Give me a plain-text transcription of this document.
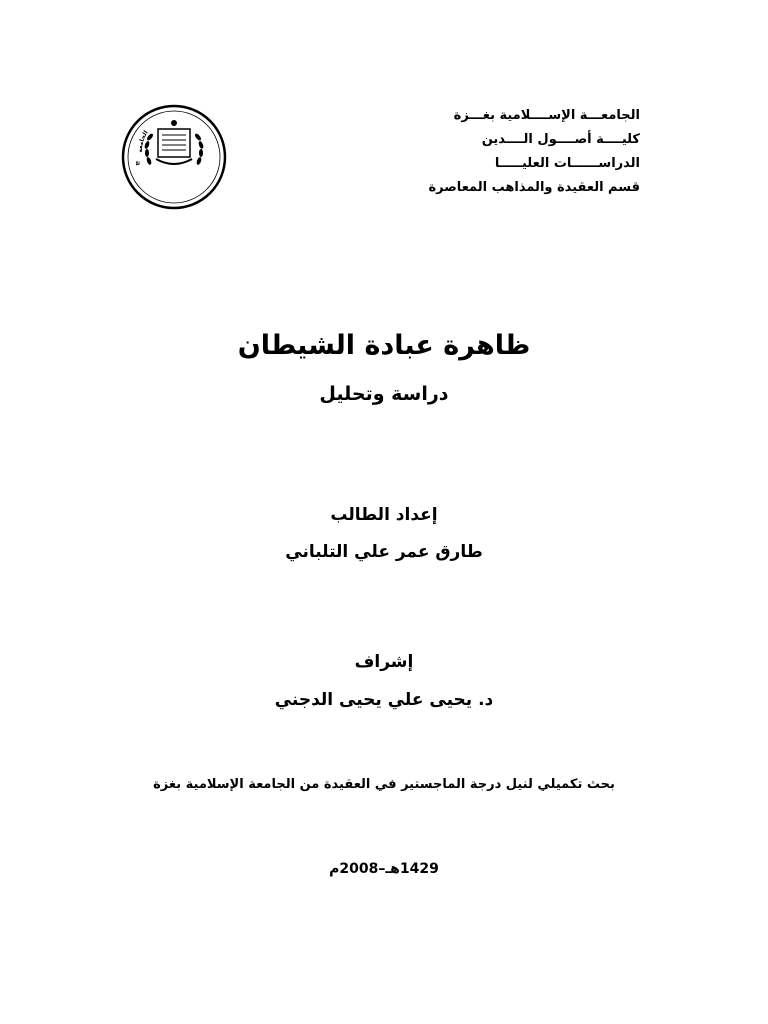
الجامعـــة الإســــلامية بغـــزة
كليــــة أصــــول الــــدين
الدراســــــات العليـــــا
قسم العقيدة والمذاهب المعاصرة
a
الجامعة
ظاهرة عبادة الشيطان
دراسة وتحليل
إعداد الطالب
طارق عمر علي التلباني
إشراف
د. يحيى علي يحيى الدجني
بحث تكميلي لنيل درجة الماجستير في العقيدة من الجامعة الإسلامية بغزة
1429هـ–2008م
